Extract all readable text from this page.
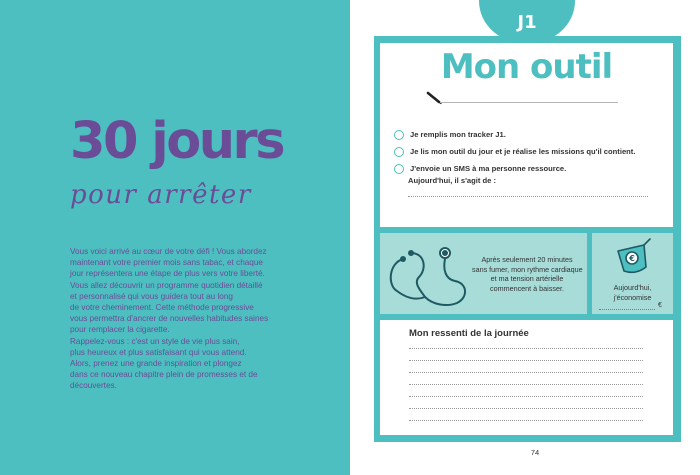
30 jours
pour arrêter

Vous voici arrivé au cœur de votre défi ! Vous abordez

maintenant votre premier mois sans tabac, et chaque

jour représentera une étape de plus vers votre liberté.

Vous allez découvrir un programme quotidien détaillé

et personnalisé qui vous guidera tout au long

de votre cheminement. Cette méthode progressive

vous permettra d'ancrer de nouvelles habitudes saines

pour remplacer la cigarette.

Rappelez-vous : c'est un style de vie plus sain,

plus heureux et plus satisfaisant qui vous attend.

Alors, prenez une grande inspiration et plongez

dans ce nouveau chapitre plein de promesses et de

découvertes.

J1
Mon outil
Je remplis mon tracker J1.
Je lis mon outil du jour et je réalise les missions qu'il contient.
J'envoie un SMS à ma personne ressource.
Aujourd'hui, il s'agit de :
Après seulement 20 minutes
sans fumer, mon rythme cardiaque
et ma tension artérielle
commencent à baisser.
€
Aujourd'hui,
j'économise
€
Mon ressenti de la journée
74
